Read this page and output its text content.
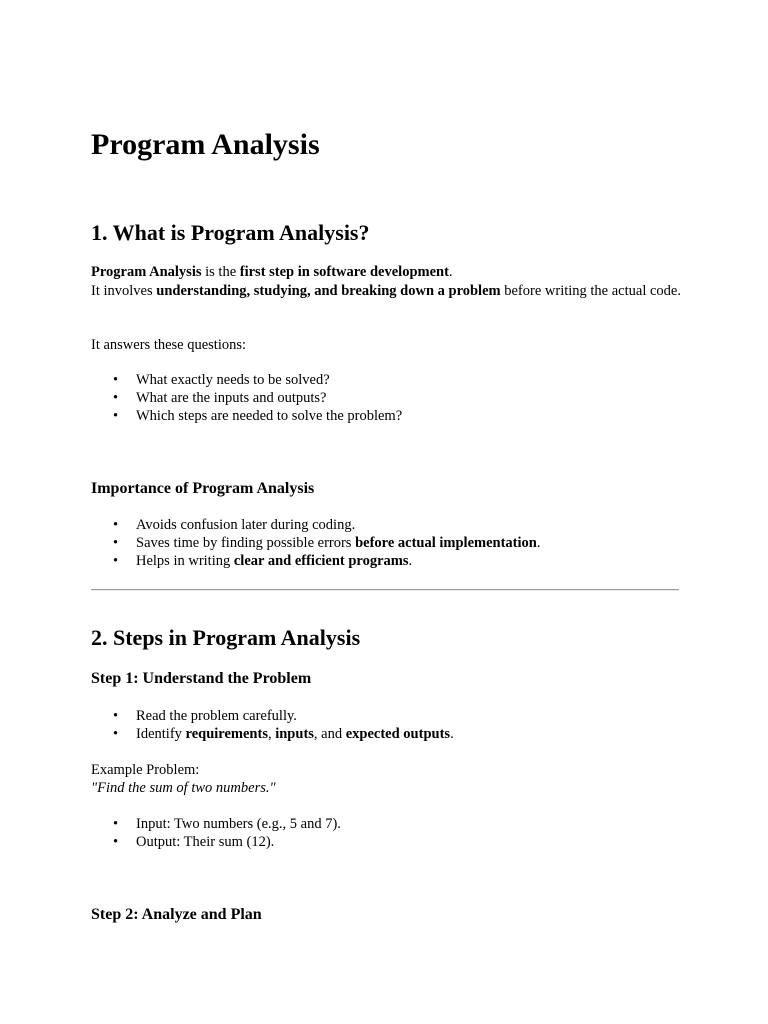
Program Analysis
1. What is Program Analysis?

Program Analysis is the first step in software development.

It involves understanding, studying, and breaking down a problem before writing the actual code.

It answers these questions:

• What exactly needs to be solved?
• What are the inputs and outputs?
• Which steps are needed to solve the problem?
Importance of Program Analysis
• Avoids confusion later during coding.
• Saves time by finding possible errors before actual implementation.
• Helps in writing clear and efficient programs.
2. Steps in Program Analysis
Step 1: Understand the Problem
• Read the problem carefully.
• Identify requirements, inputs, and expected outputs.

Example Problem:

"Find the sum of two numbers."

• Input: Two numbers (e.g., 5 and 7).
• Output: Their sum (12).
Step 2: Analyze and Plan
